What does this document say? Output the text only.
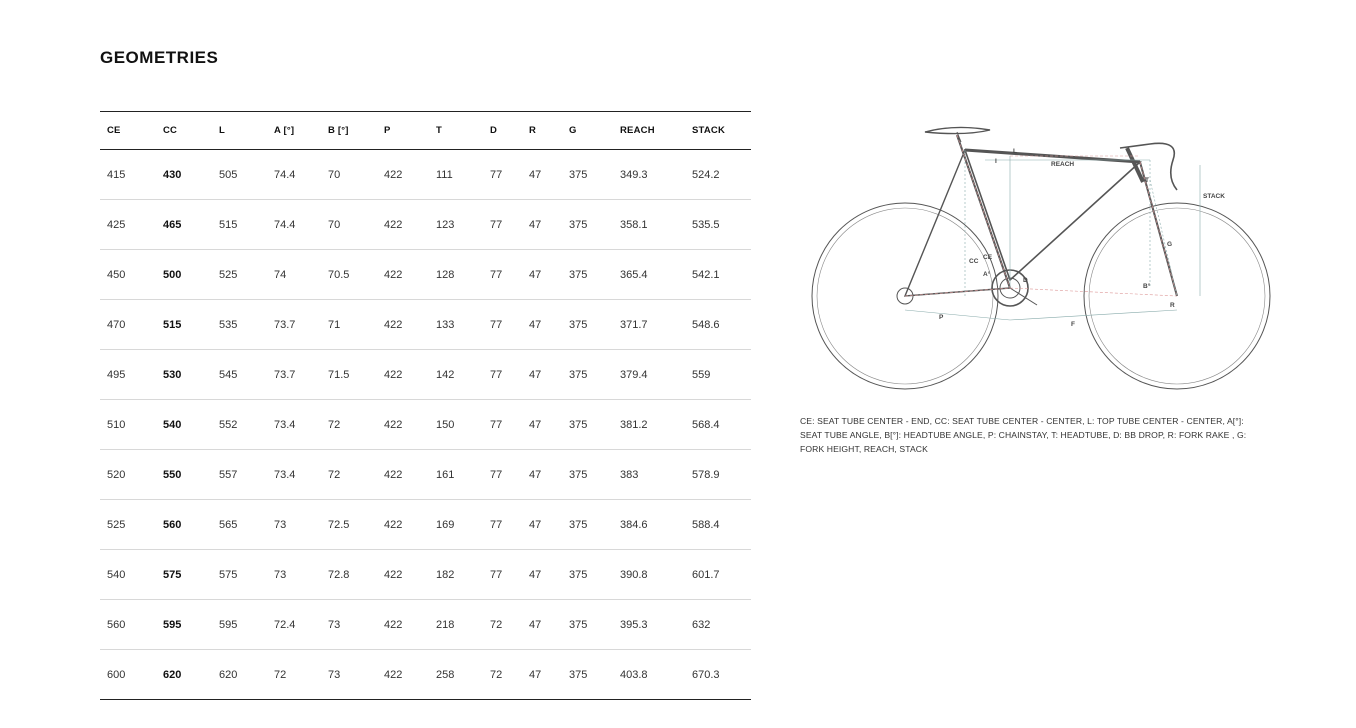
GEOMETRIES
CE	CC	L	A [°]	B [°]	P	T	D	R	G	REACH	STACK
415	430	505	74.4	70	422	111	77	47	375	349.3	524.2
425	465	515	74.4	70	422	123	77	47	375	358.1	535.5
450	500	525	74	70.5	422	128	77	47	375	365.4	542.1
470	515	535	73.7	71	422	133	77	47	375	371.7	548.6
495	530	545	73.7	71.5	422	142	77	47	375	379.4	559
510	540	552	73.4	72	422	150	77	47	375	381.2	568.4
520	550	557	73.4	72	422	161	77	47	375	383	578.9
525	560	565	73	72.5	422	169	77	47	375	384.6	588.4
540	575	575	73	72.8	422	182	77	47	375	390.8	601.7
560	595	595	72.4	73	422	218	72	47	375	395.3	632
600	620	620	72	73	422	258	72	47	375	403.8	670.3
L
I	REACH
STACK
T
G
CC
CE
A°
B°
D
P
F
R
CE: SEAT TUBE CENTER - END, CC: SEAT TUBE CENTER - CENTER, L: TOP TUBE CENTER - CENTER, A[°]: SEAT TUBE ANGLE, B[°]: HEADTUBE ANGLE, P: CHAINSTAY, T: HEADTUBE, D: BB DROP, R: FORK RAKE , G: FORK HEIGHT, REACH, STACK
